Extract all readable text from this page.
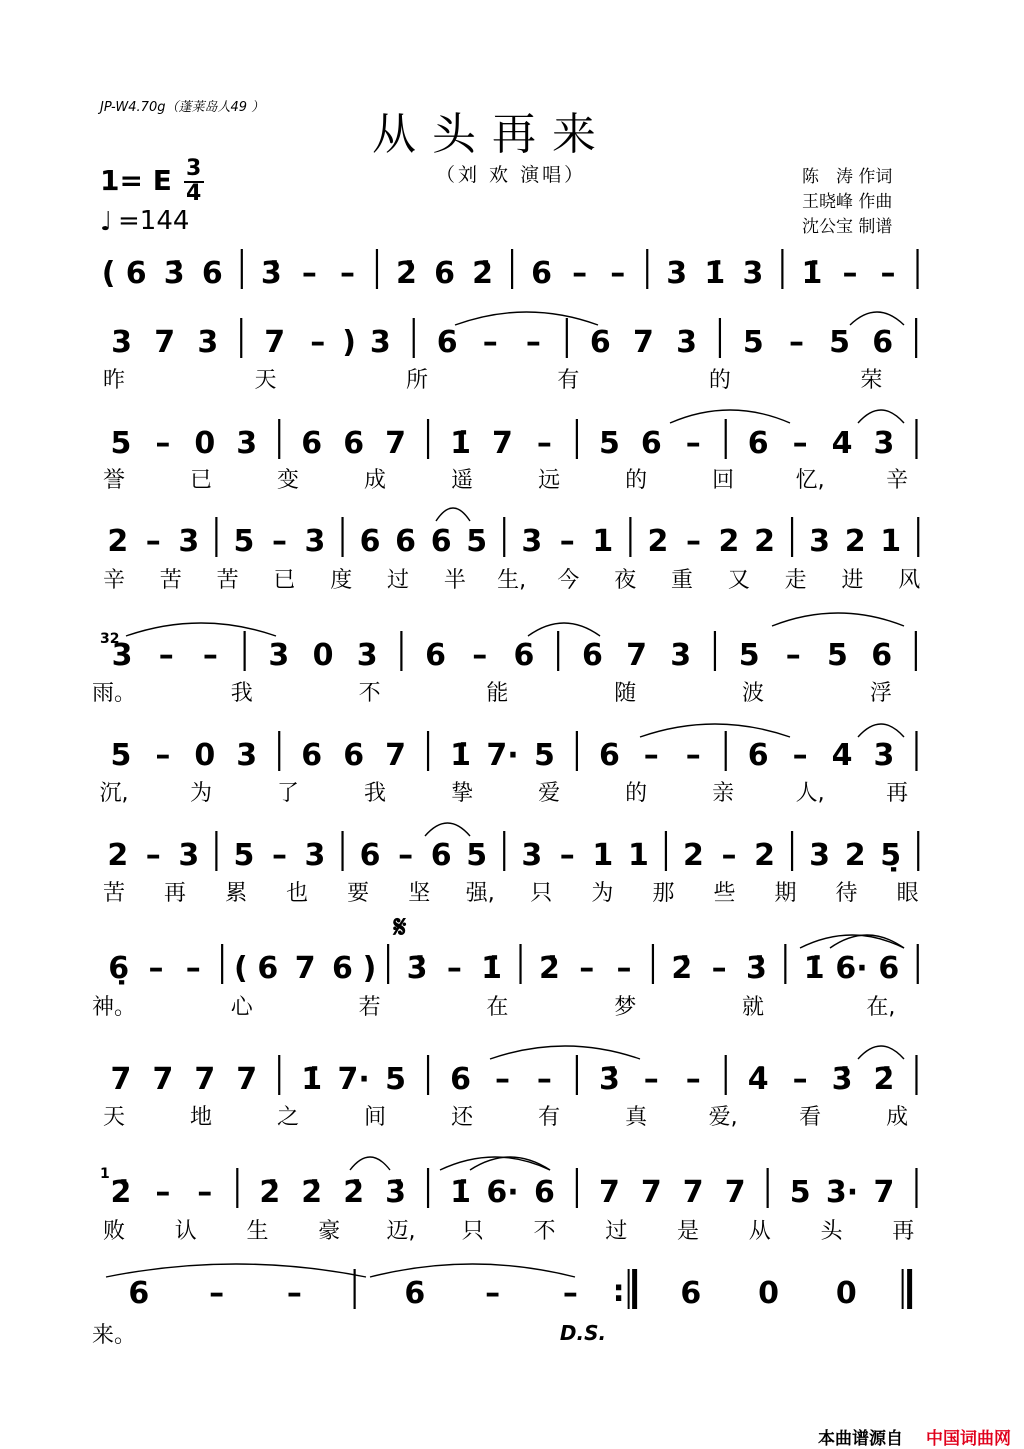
JP-W4.70g（蓬莱岛人49 ）
从头再来
（刘 欢 演唱）	陈　涛 作词
王晓峰 作曲
沈公宝 制谱
1= E 3
4
♩ =144
( 6 3̇ 6 3̇ – – 2̇ 6 2̇ 6 – – 3 1̇ 3 1̇ – –
3 7 3 7 – ) 3 6 – – 6 7 3 5 – 5 6
昨	天	所	有	的	荣
5 – 0 3 6 6 7 1̇ 7 – 5 6 – 6 – 4 3
誉	已	变	成	遥	远	的	回	忆,	辛
2 – 3 5 – 3 6 6 6 5 3 – 1 2 – 2 2 3 2 1
辛 苦 苦 已 度 过 半 生, 今 夜 重 又 走 进 风
3 – – 3 0 3 6 – 6 6 7 3 5 – 5 6
雨。	我	不	能	随	波	浮
5 – 0 3 6 6 7 1̇ 7· 5 6 – – 6 – 4 3
沉,	为	了	我	挚	爱	的	亲	人,	再
2 – 3 5 – 3 6 – 6 5 3 – 1 1 2 – 2 3 2 5̣
苦 再 累 也 要 坚 强, 只 为 那 些 期 待 眼
6̣ – – ( 6 7 6 ) 3̇ – 1̇ 2̇ – – 2̇ – 3̇ 1̇ 6· 6
神。	心	若	在	梦	就	在,
7 7 7 7 1̇ 7· 5 6 – – 3̇ – – 4̇ – 3̇ 2̇
天	地	之	间	还	有	真	爱,	看	成
2̇ – – 2̇ 2̇ 2̇ 3̇ 1̇ 6· 6 7 7 7 7 5 3· 7
败 认 生 豪 迈, 只 不 过 是 从 头 再
6 – –	6 – – : 6 0 0
来。
𝄋
D.S.
32
1
本曲谱源自 中国词曲网
